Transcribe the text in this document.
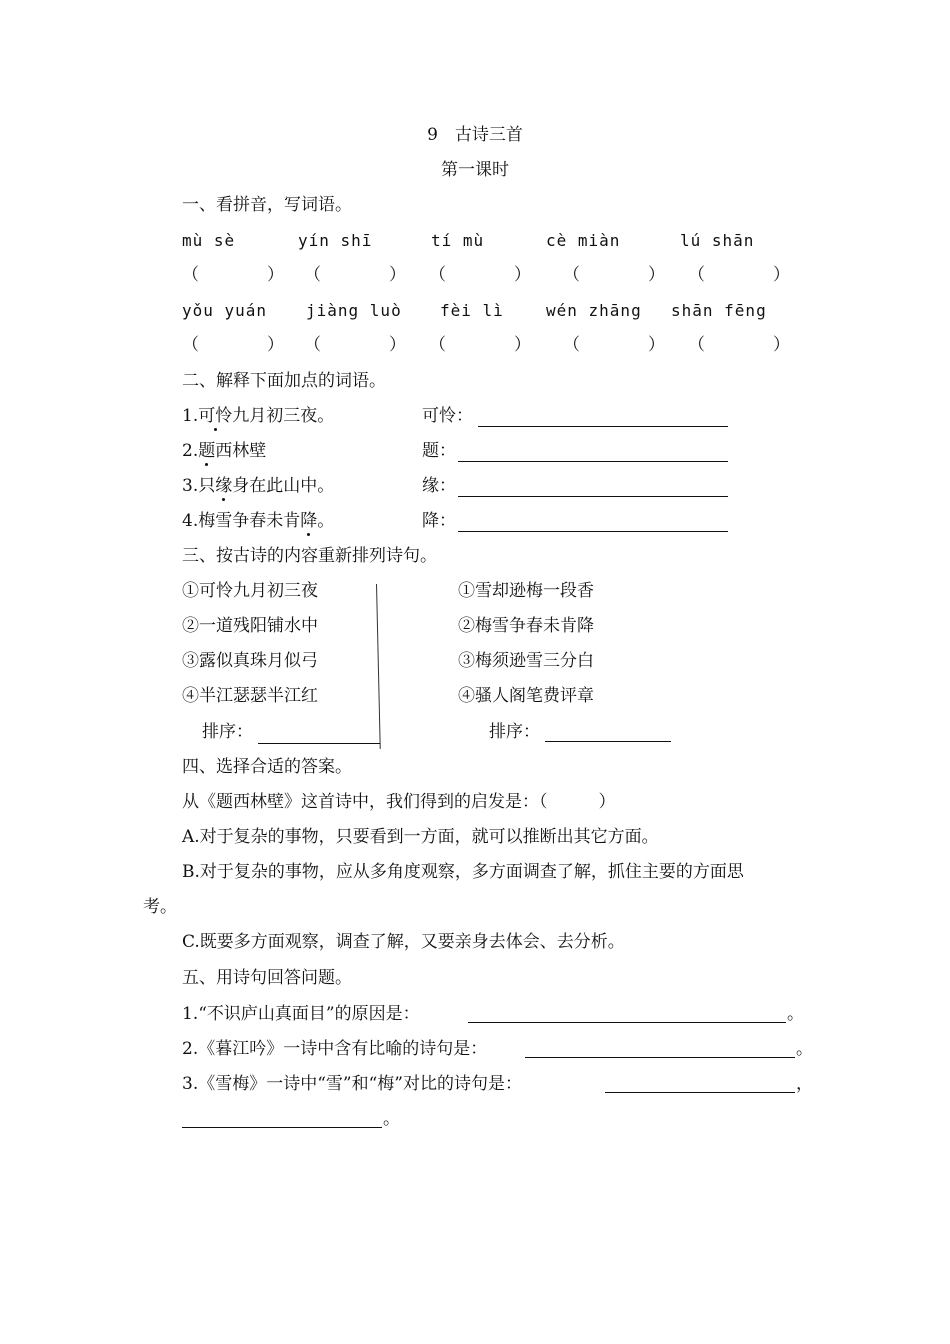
9　古诗三首
第一课时
一、看拼音，写词语。
mù sè	yín shī	tí mù	cè miàn	lú shān
（　　　　） （　　　　） （　　　　） （　　　　） （　　　　）
yǒu yuán jiàng luò fèi lì	wén zhāng shān fēng
（　　　　） （　　　　） （　　　　） （　　　　） （　　　　）
二、解释下面加点的词语。
1.可怜九月初三夜。	可怜：
2.题西林壁	题：
3.只缘身在此山中。	缘：
4.梅雪争春未肯降。	降：
三、按古诗的内容重新排列诗句。
①可怜九月初三夜
②一道残阳铺水中
③露似真珠月似弓
④半江瑟瑟半江红
①雪却逊梅一段香
②梅雪争春未肯降
③梅须逊雪三分白
④骚人阁笔费评章
排序：	排序：
四、选择合适的答案。
从《题西林壁》这首诗中，我们得到的启发是：（　　　）
A.对于复杂的事物，只要看到一方面，就可以推断出其它方面。
B.对于复杂的事物，应从多角度观察，多方面调查了解，抓住主要的方面思
考。
C.既要多方面观察，调查了解，又要亲身去体会、去分析。
五、用诗句回答问题。
1.“不识庐山真面目”的原因是：	。
2.《暮江吟》一诗中含有比喻的诗句是：	。
3.《雪梅》一诗中“雪”和“梅”对比的诗句是：	，
。
